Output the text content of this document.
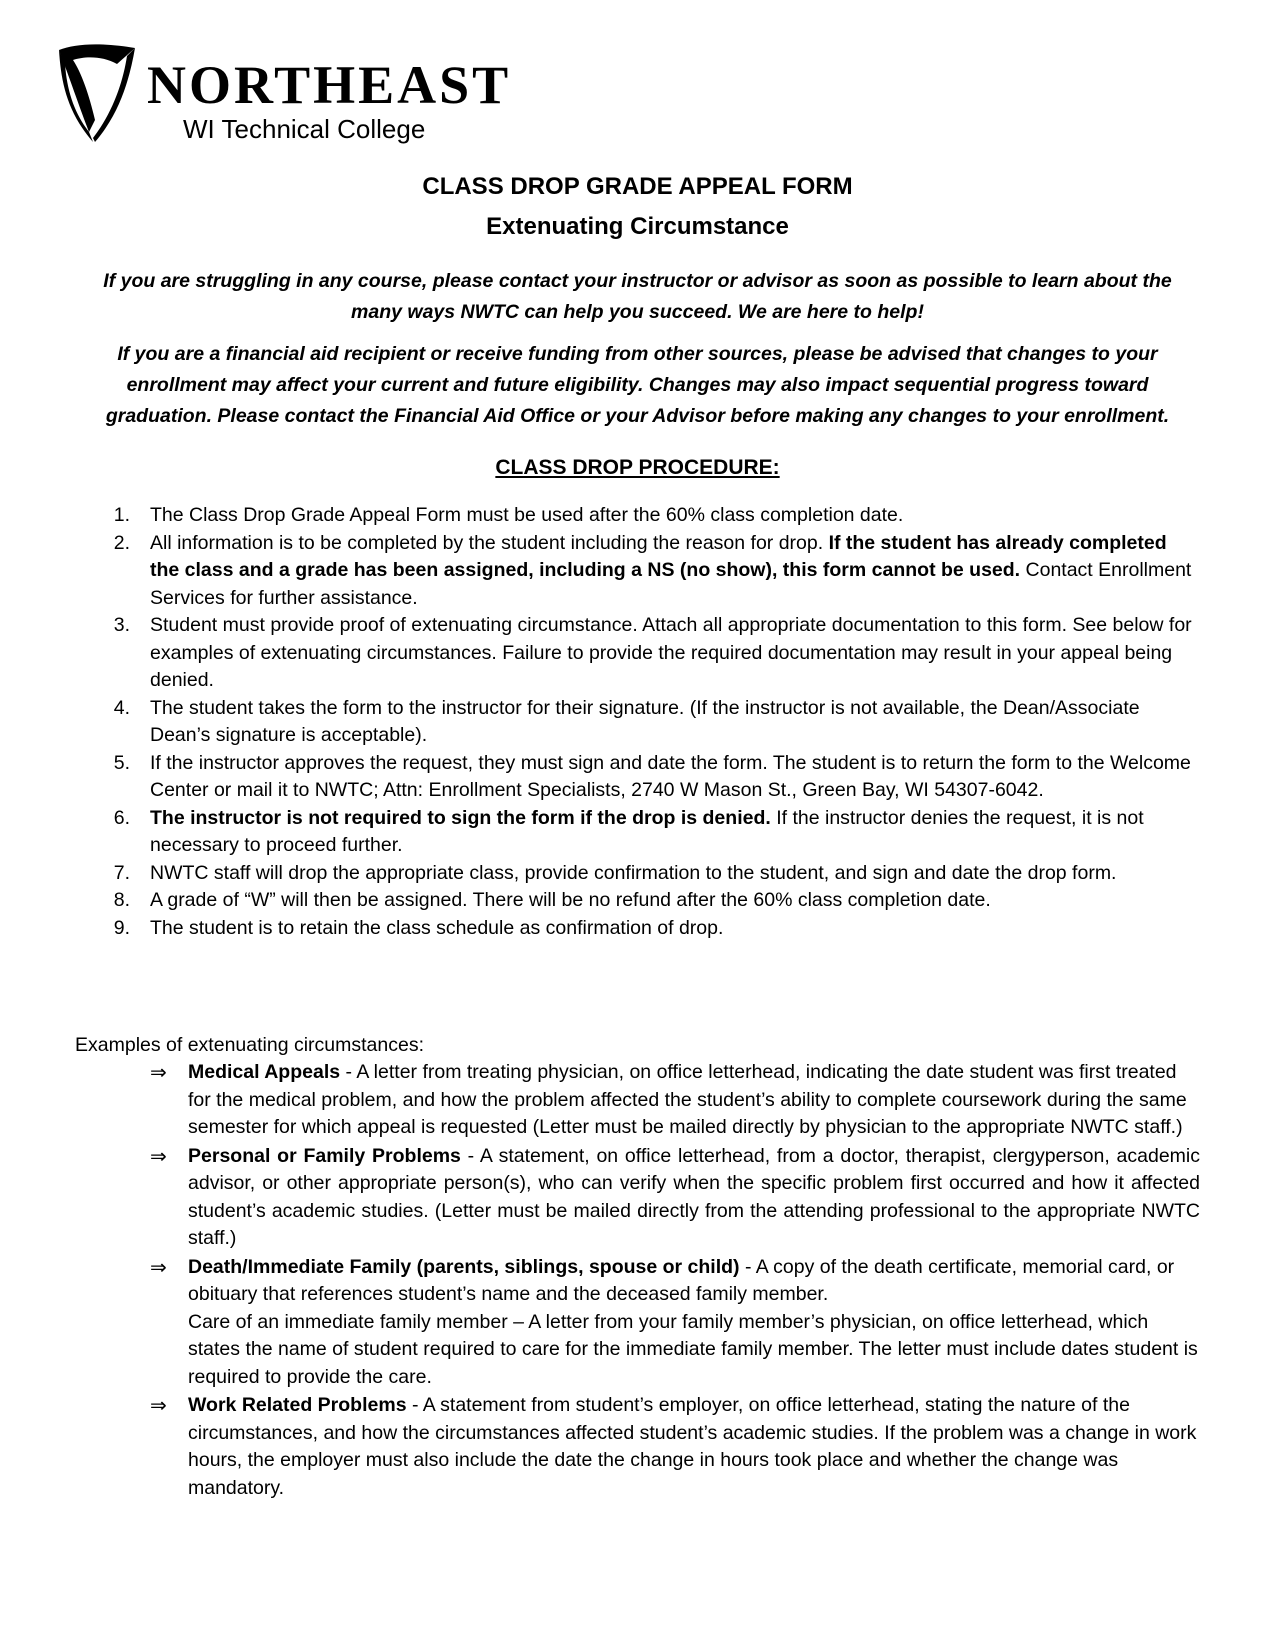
NORTHEAST
WI Technical College
CLASS DROP GRADE APPEAL FORM
Extenuating Circumstance
If you are struggling in any course, please contact your instructor or advisor as soon as possible to learn about the many ways NWTC can help you succeed. We are here to help!
If you are a financial aid recipient or receive funding from other sources, please be advised that changes to your enrollment may affect your current and future eligibility. Changes may also impact sequential progress toward graduation. Please contact the Financial Aid Office or your Advisor before making any changes to your enrollment.
CLASS DROP PROCEDURE:
1 . The Class Drop Grade Appeal Form must be used after the 60% class completion date.
2 . All information is to be completed by the student including the reason for drop. If the student has already completed the class and a grade has been assigned, including a NS (no show), this form cannot be used. Contact Enrollment Services for further assistance.
3 . Student must provide proof of extenuating circumstance. Attach all appropriate documentation to this form. See below for examples of extenuating circumstances. Failure to provide the required documentation may result in your appeal being denied.
4 . The student takes the form to the instructor for their signature. (If the instructor is not available, the Dean/Associate Dean’s signature is acceptable).
5 . If the instructor approves the request, they must sign and date the form. The student is to return the form to the Welcome Center or mail it to NWTC; Attn: Enrollment Specialists, 2740 W Mason St., Green Bay, WI 54307-6042.
6 . The instructor is not required to sign the form if the drop is denied. If the instructor denies the request, it is not necessary to proceed further.
7 . NWTC staff will drop the appropriate class, provide confirmation to the student, and sign and date the drop form.
8 . A grade of “W” will then be assigned. There will be no refund after the 60% class completion date.
9 . The student is to retain the class schedule as confirmation of drop.
Examples of extenuating circumstances:
⇒ Medical Appeals - A letter from treating physician, on office letterhead, indicating the date student was first treated for the medical problem, and how the problem affected the student’s ability to complete coursework during the same semester for which appeal is requested (Letter must be mailed directly by physician to the appropriate NWTC staff.)
⇒ Personal or Family Problems - A statement, on office letterhead, from a doctor, therapist, clergyperson, academic advisor, or other appropriate person(s), who can verify when the specific problem first occurred and how it affected student’s academic studies. (Letter must be mailed directly from the attending professional to the appropriate NWTC staff.)
⇒ Death/Immediate Family (parents, siblings, spouse or child) - A copy of the death certificate, memorial card, or obituary that references student’s name and the deceased family member.
Care of an immediate family member – A letter from your family member’s physician, on office letterhead, which states the name of student required to care for the immediate family member. The letter must include dates student is required to provide the care.
⇒ Work Related Problems - A statement from student’s employer, on office letterhead, stating the nature of the circumstances, and how the circumstances affected student’s academic studies. If the problem was a change in work hours, the employer must also include the date the change in hours took place and whether the change was mandatory.
